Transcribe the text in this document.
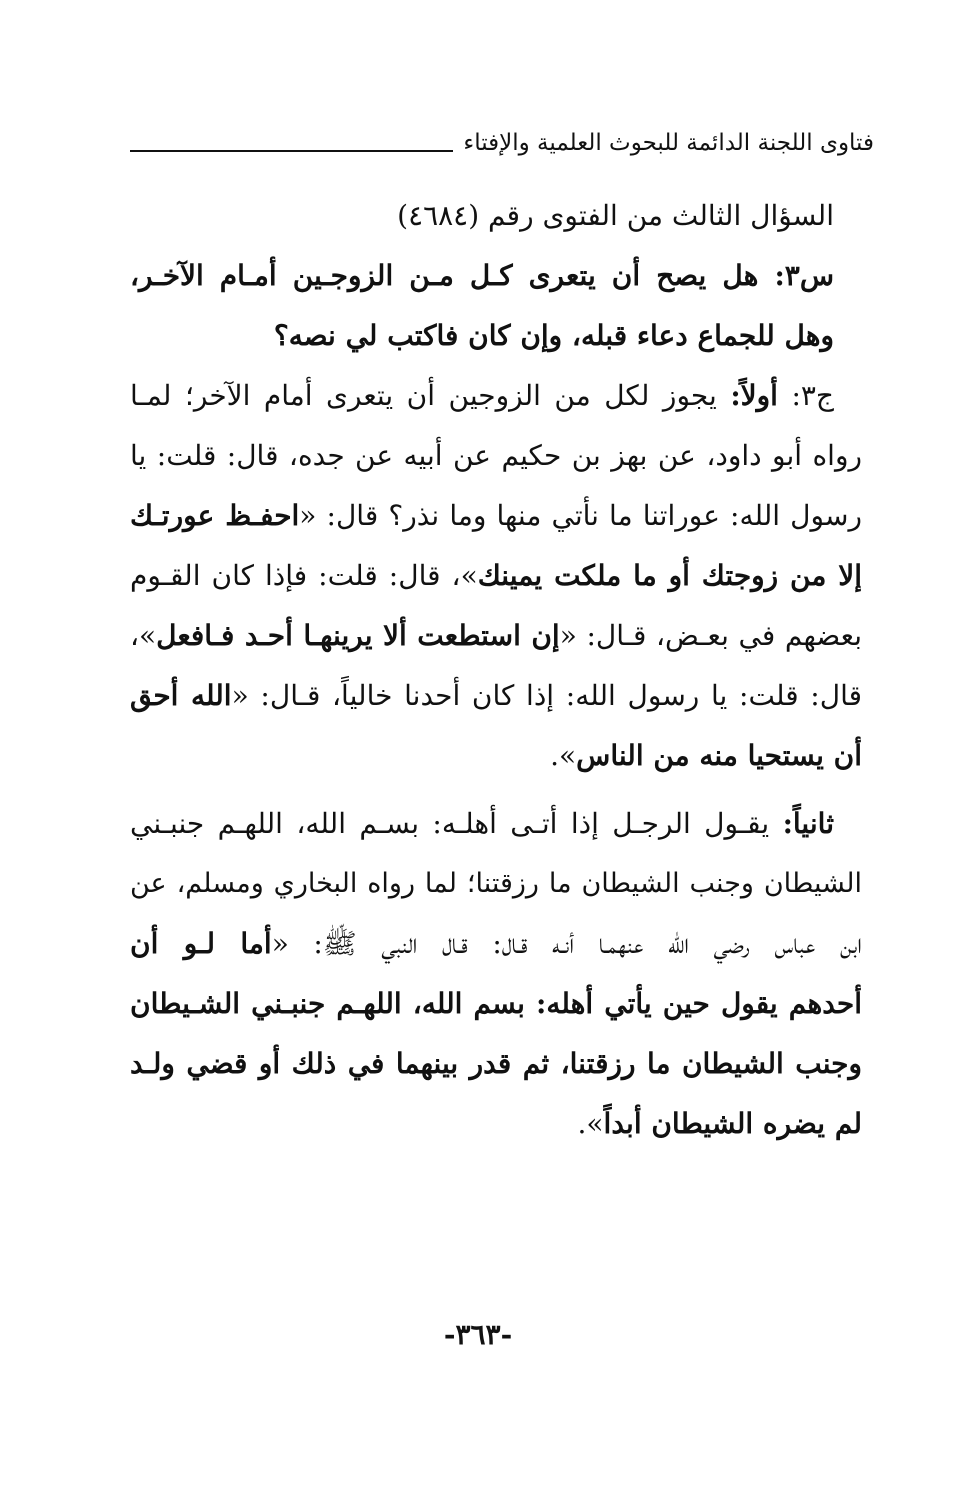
فتاوى اللجنة الدائمة للبحوث العلمية والإفتاء
السؤال الثالث من الفتوى رقم (٤٦٨٤)
س٣: هل يصح أن يتعرى كـل مـن الزوجـين أمـام الآخـر،
وهل للجماع دعاء قبله، وإن كان فاكتب لي نصه؟
ج٣: أولاً: يجوز لكل من الزوجين أن يتعرى أمام الآخر؛ لمـا
رواه أبو داود، عن بهز بن حكيم عن أبيه عن جده، قال: قلت: يا
رسول الله: عوراتنا ما نأتي منها وما نذر؟ قال: «احفـظ عورتـك
إلا من زوجتك أو ما ملكت يمينك»، قال: قلت: فإذا كان القـوم
بعضهم في بعـض، قـال: «إن استطعت ألا يرينهـا أحـد فـافعل»،
قال: قلت: يا رسول الله: إذا كان أحدنا خالياً، قـال: «الله أحق
أن يستحيا منه من الناس».
ثانياً: يقـول الرجـل إذا أتـى أهلـه: بسـم الله، اللهـم جنبـني
الشيطان وجنب الشيطان ما رزقتنا؛ لما رواه البخاري ومسلم، عن
ابن عباس رضي الله عنهمـا أنـه قـال: قـال النبي ﷺ: «أما لـو أن
أحدهم يقول حين يأتي أهله: بسم الله، اللهـم جنبـني الشـيطان
وجنب الشيطان ما رزقتنا، ثم قدر بينهما في ذلك أو قضي ولـد
لم يضره الشيطان أبداً».
-٣٦٣-
